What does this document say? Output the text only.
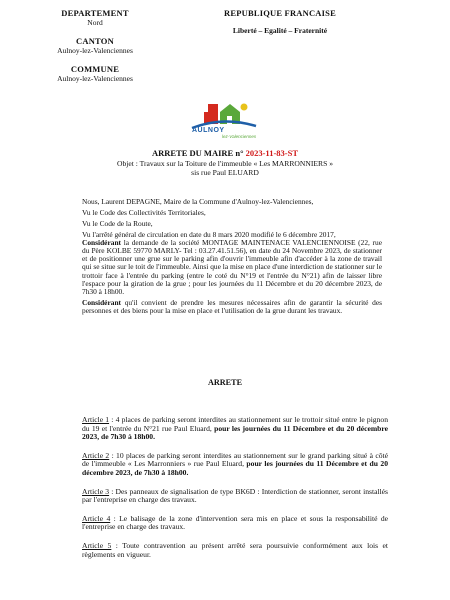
DEPARTEMENT
Nord
CANTON
Aulnoy-lez-Valenciennes
COMMUNE
Aulnoy-lez-Valenciennes
REPUBLIQUE FRANCAISE
Liberté – Egalité – Fraternité
AULNOY
lez-Valenciennes
ARRETE DU MAIRE n° 2023-11-83-ST
Objet : Travaux sur la Toiture de l'immeuble « Les MARRONNIERS »
sis rue Paul ELUARD
Nous, Laurent DEPAGNE, Maire de la Commune d'Aulnoy-lez-Valenciennes,
Vu le Code des Collectivités Territoriales,
Vu le Code de la Route,
Vu l'arrêté général de circulation en date du 8 mars 2020 modifié le 6 décembre 2017,
Considérant la demande de la société MONTAGE MAINTENACE VALENCIENNOISE (22, rue du Père KOLBE 59770 MARLY- Tel : 03.27.41.51.56), en date du 24 Novembre 2023, de stationner et de positionner une grue sur le parking afin d'ouvrir l'immeuble afin d'accéder à la zone de travail qui se situe sur le toit de l'immeuble. Ainsi que la mise en place d'une interdiction de stationner sur le trottoir face à l'entrée du parking (entre le coté du N°19 et l'entrée du N°21) afin de laisser libre l'espace pour la giration de la grue ; pour les journées du 11 Décembre et du 20 décembre 2023, de 7h30 à 18h00.
Considérant qu'il convient de prendre les mesures nécessaires afin de garantir la sécurité des personnes et des biens pour la mise en place et l'utilisation de la grue durant les travaux.
ARRETE
Article 1 : 4 places de parking seront interdites au stationnement sur le trottoir situé entre le pignon du 19 et l'entrée du N°21 rue Paul Eluard, pour les journées du 11 Décembre et du 20 décembre 2023, de 7h30 à 18h00.
Article 2 : 10 places de parking seront interdites au stationnement sur le grand parking situé à côté de l'immeuble « Les Marronniers » rue Paul Eluard, pour les journées du 11 Décembre et du 20 décembre 2023, de 7h30 à 18h00.
Article 3 : Des panneaux de signalisation de type BK6D : Interdiction de stationner, seront installés par l'entreprise en charge des travaux.
Article 4 : Le balisage de la zone d'intervention sera mis en place et sous la responsabilité de l'entreprise en charge des travaux.
Article 5 : Toute contravention au présent arrêté sera poursuivie conformément aux lois et règlements en vigueur.
